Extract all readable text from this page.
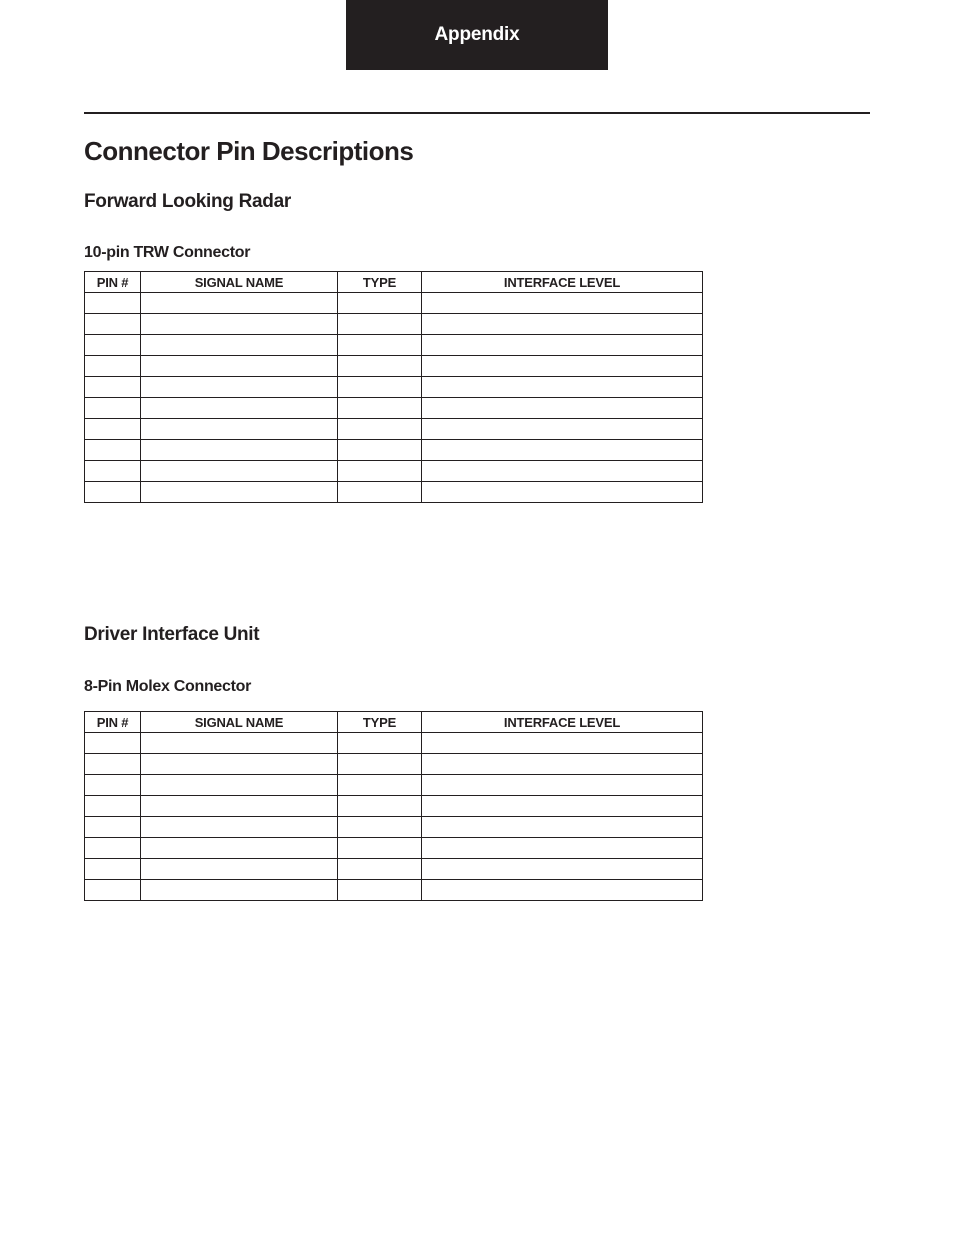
Appendix
Connector Pin Descriptions
Forward Looking Radar
10-pin TRW Connector
PIN #	SIGNAL NAME	TYPE	INTERFACE LEVEL

Driver Interface Unit
8-Pin Molex Connector
PIN #	SIGNAL NAME	TYPE	INTERFACE LEVEL
